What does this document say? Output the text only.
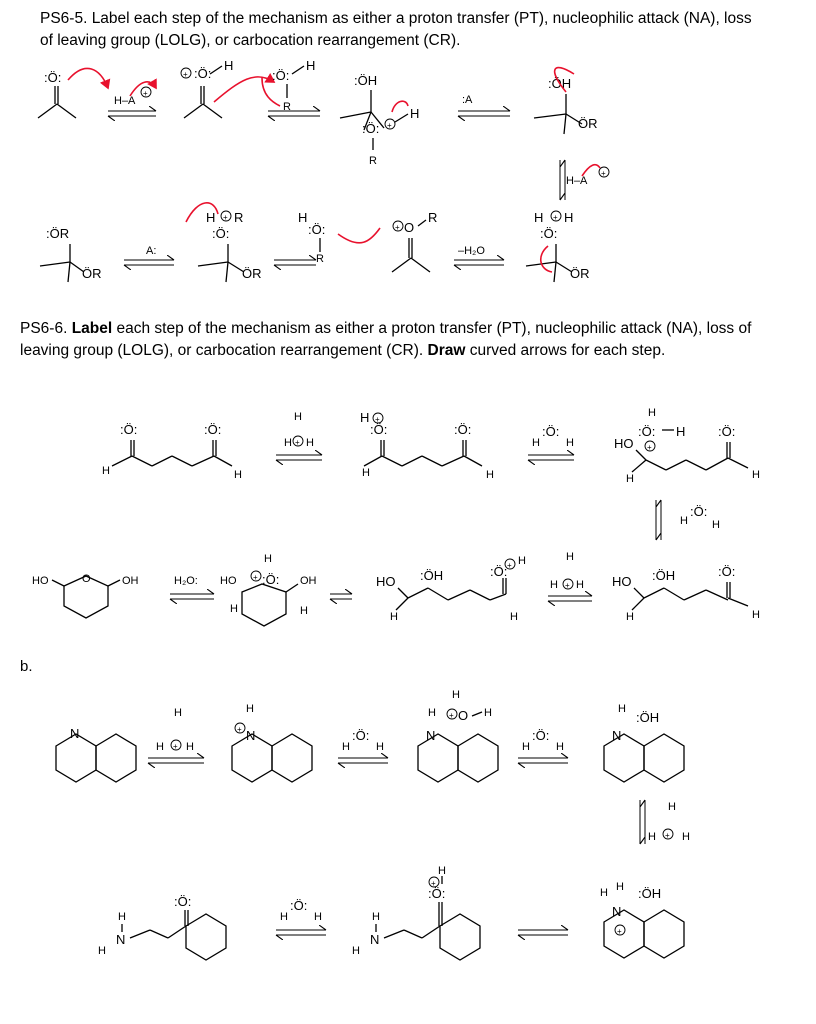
PS6-5. Label each step of the mechanism as either a proton transfer (PT), nucleophilic attack (NA), loss of leaving group (LOLG), or carbocation rearrangement (CR).
PS6-6. Label each step of the mechanism as either a proton transfer (PT), nucleophilic attack (NA), loss of leaving group (LOLG), or carbocation rearrangement (CR). Draw curved arrows for each step.
b.
:Ö:
H–A
+
+ :Ö:
H
:Ö:
H
R
:ÖH
:Ö: +
H
R
:A
:ÖH
ÖR
H–A
+
:ÖR
ÖR
A:
H + R
:Ö:
ÖR
H
:Ö:
R
+ O
R
–H₂O
H + H
:Ö:
ÖR
:Ö:	:Ö:
H	H
H
H + H
H +
:Ö:	:Ö:
H	H
H
:Ö:
H
H
:Ö: H
+
HO
H
:Ö:
H
H
:Ö:
H
HO	O	OH	H₂O: HO
H
+ :Ö:
H
OH
H
HO :ÖH
H
:Ö: + H
H
H
H + H HO :ÖH
H
:Ö:
H
N
H
H + H
H
+ N
H
:Ö:
H
H
H + O H
N
H
:Ö:
H
H
:ÖH
N
H
H + H
H
N
H
:Ö:
H
:Ö:
H	H
N
H
:Ö:
+
H
H H :ÖH
N
+
